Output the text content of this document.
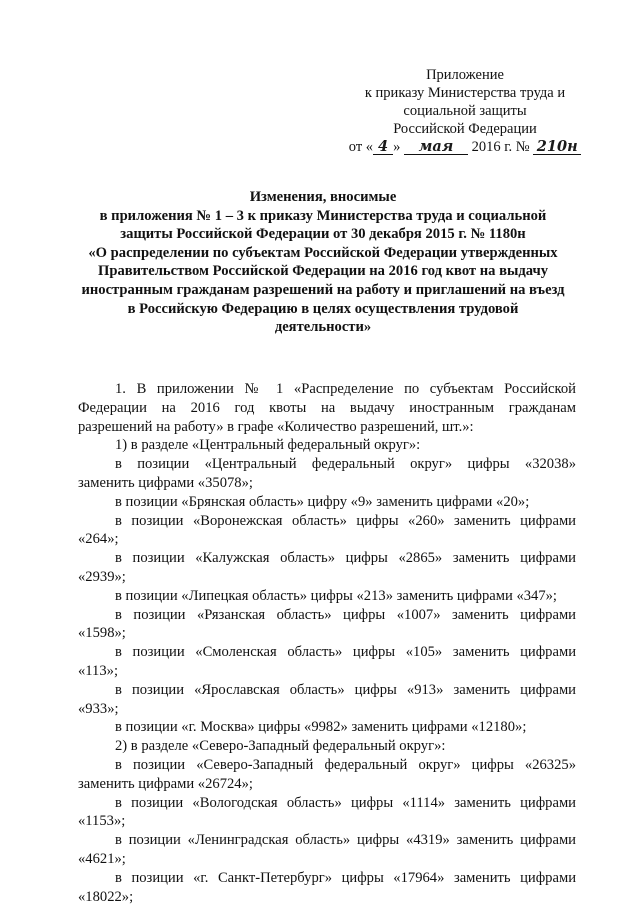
Приложение
к приказу Министерства труда и
социальной защиты
Российской Федерации
от « 4 » мая 2016 г. № 210н
Изменения, вносимые
в приложения № 1 – 3 к приказу Министерства труда и социальной
защиты Российской Федерации от 30 декабря 2015 г. № 1180н
«О распределении по субъектам Российской Федерации утвержденных
Правительством Российской Федерации на 2016 год квот на выдачу
иностранным гражданам разрешений на работу и приглашений на въезд
в Российскую Федерацию в целях осуществления трудовой
деятельности»
1. В приложении № 1 «Распределение по субъектам Российской
Федерации на 2016 год квоты на выдачу иностранным гражданам
разрешений на работу» в графе «Количество разрешений, шт.»:
1) в разделе «Центральный федеральный округ»:
в позиции «Центральный федеральный округ» цифры «32038»
заменить цифрами «35078»;
в позиции «Брянская область» цифру «9» заменить цифрами «20»;
в позиции «Воронежская область» цифры «260» заменить цифрами
«264»;
в позиции «Калужская область» цифры «2865» заменить цифрами
«2939»;
в позиции «Липецкая область» цифры «213» заменить цифрами «347»;
в позиции «Рязанская область» цифры «1007» заменить цифрами
«1598»;
в позиции «Смоленская область» цифры «105» заменить цифрами
«113»;
в позиции «Ярославская область» цифры «913» заменить цифрами
«933»;
в позиции «г. Москва» цифры «9982» заменить цифрами «12180»;
2) в разделе «Северо-Западный федеральный округ»:
в позиции «Северо-Западный федеральный округ» цифры «26325»
заменить цифрами «26724»;
в позиции «Вологодская область» цифры «1114» заменить цифрами
«1153»;
в позиции «Ленинградская область» цифры «4319» заменить цифрами
«4621»;
в позиции «г. Санкт-Петербург» цифры «17964» заменить цифрами
«18022»;
